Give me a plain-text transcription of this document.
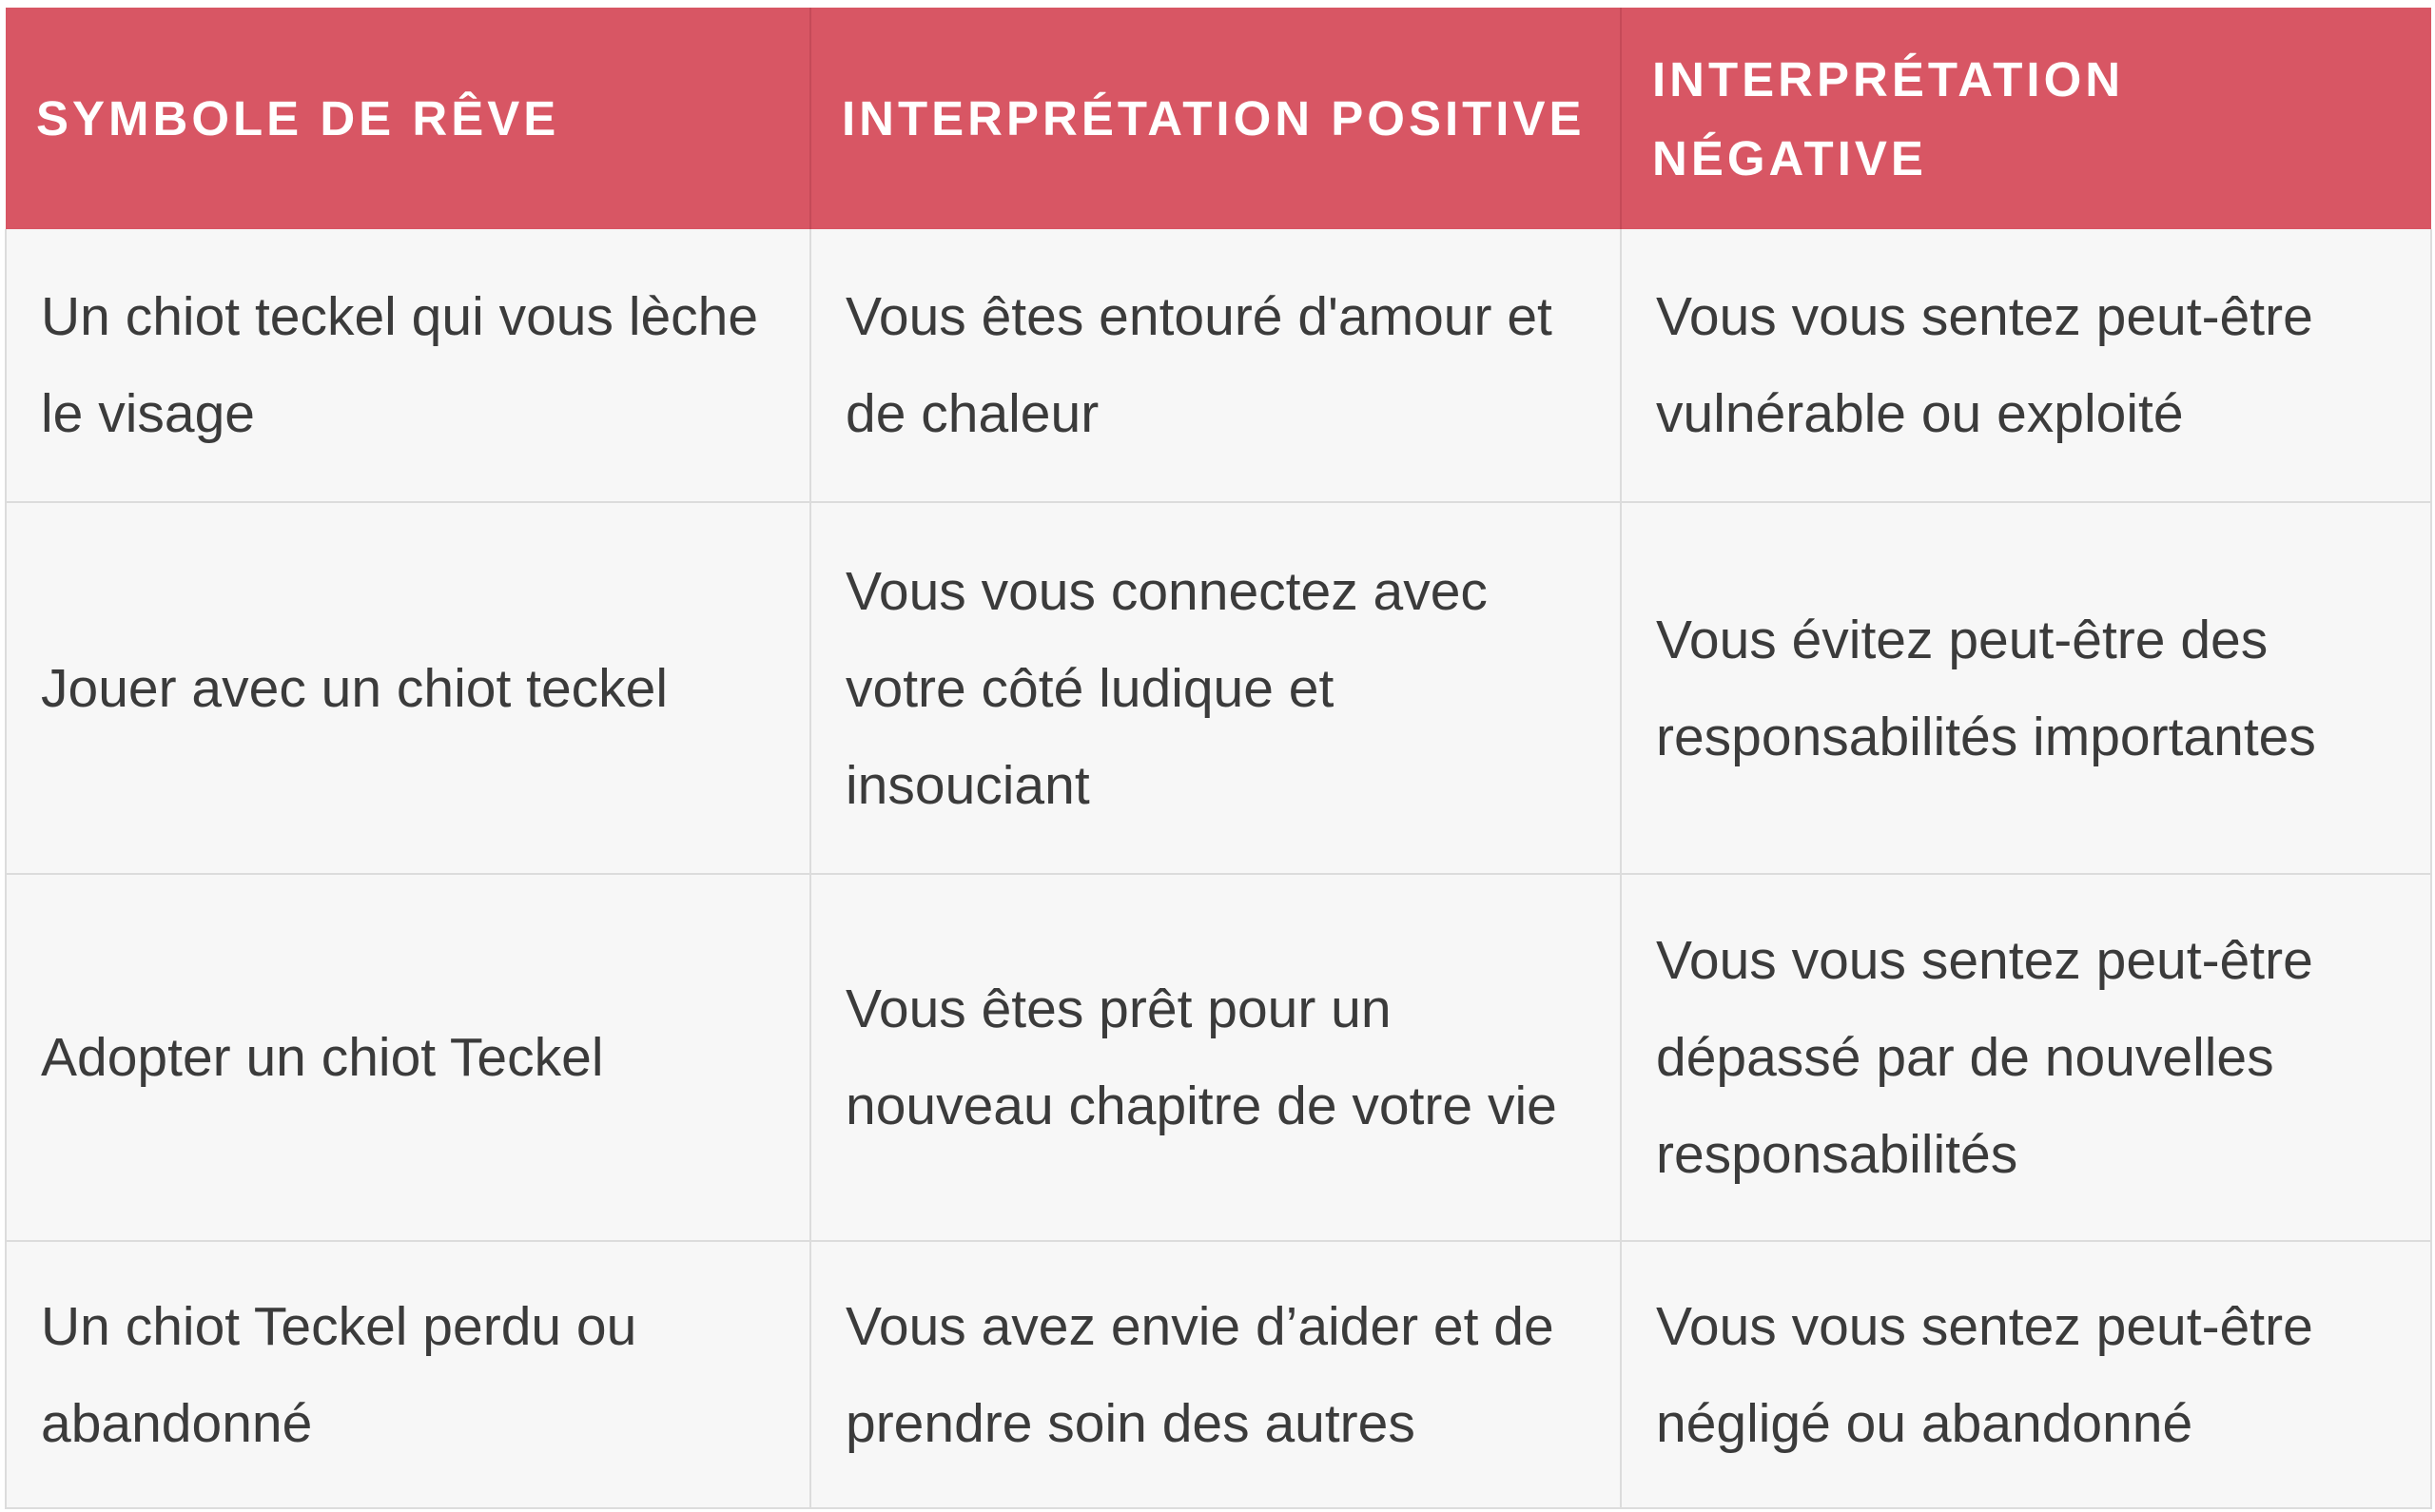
SYMBOLE DE RÊVE	INTERPRÉTATION POSITIVE	INTERPRÉTATION NÉGATIVE
Un chiot teckel qui vous lèche le visage	Vous êtes entouré d'amour et de chaleur	Vous vous sentez peut-être vulnérable ou exploité
Jouer avec un chiot teckel	Vous vous connectez avec votre côté ludique et insouciant	Vous évitez peut-être des responsabilités importantes
Adopter un chiot Teckel	Vous êtes prêt pour un nouveau chapitre de votre vie	Vous vous sentez peut-être dépassé par de nouvelles responsabilités
Un chiot Teckel perdu ou abandonné	Vous avez envie d’aider et de prendre soin des autres	Vous vous sentez peut-être négligé ou abandonné
